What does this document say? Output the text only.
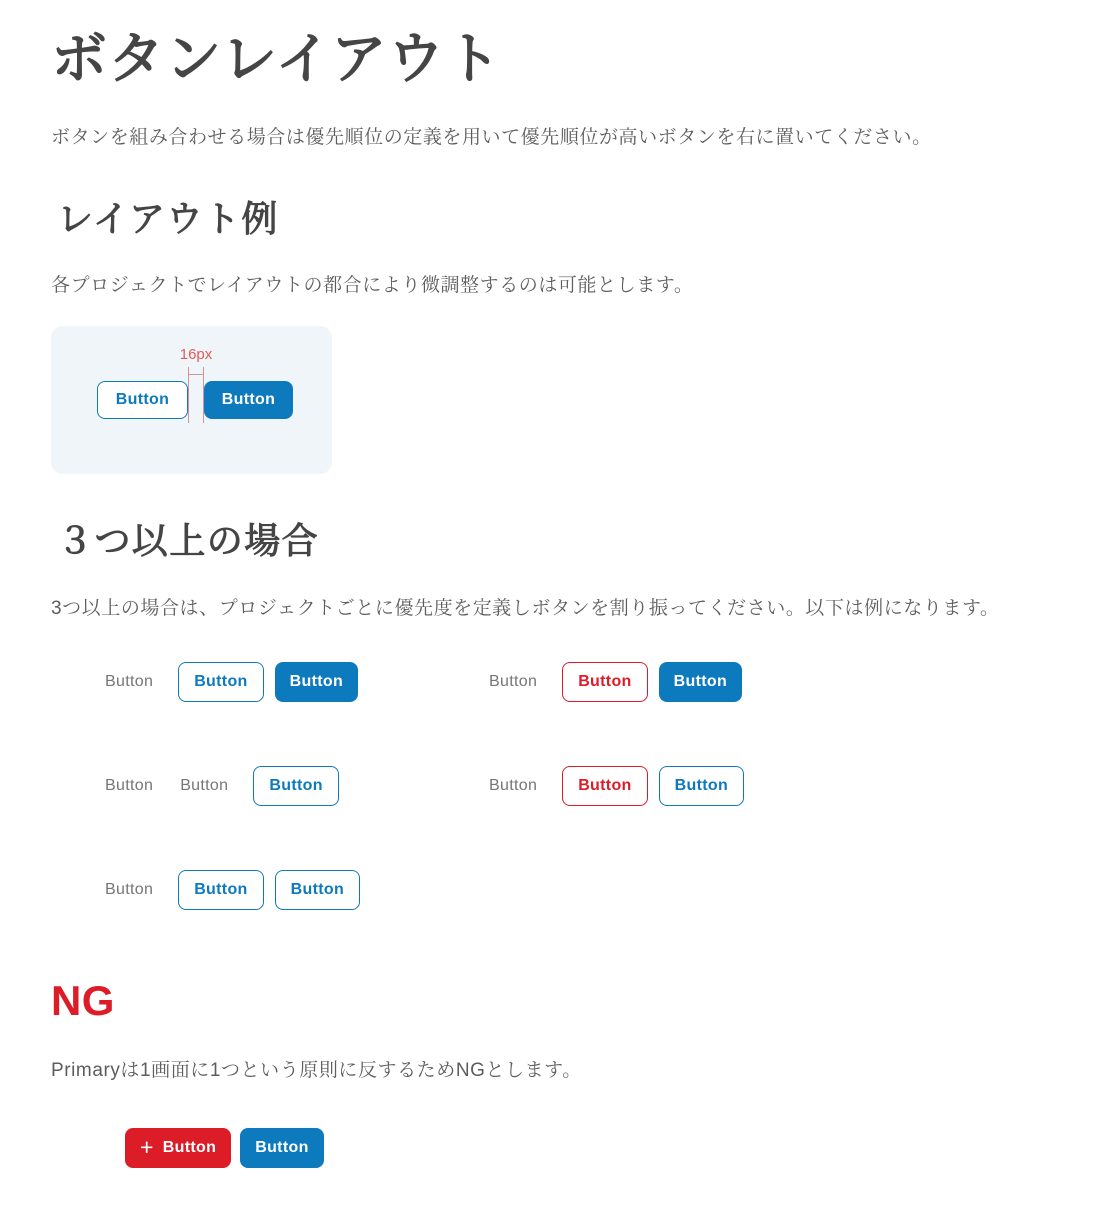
ボタンレイアウト

ボタンを組み合わせる場合は優先順位の定義を用いて優先順位が高いボタンを右に置いてください。

レイアウト例

各プロジェクトでレイアウトの都合により微調整するのは可能とします。

16px
Button	Button
３つ以上の場合

3つ以上の場合は、プロジェクトごとに優先度を定義しボタンを割り振ってください。以下は例になります。

Button	Button	Button	Button	Button	Button
Button Button	Button	Button	Button	Button
Button	Button	Button
NG

Primaryは1画面に1つという原則に反するためNGとします。

+ Button Button
